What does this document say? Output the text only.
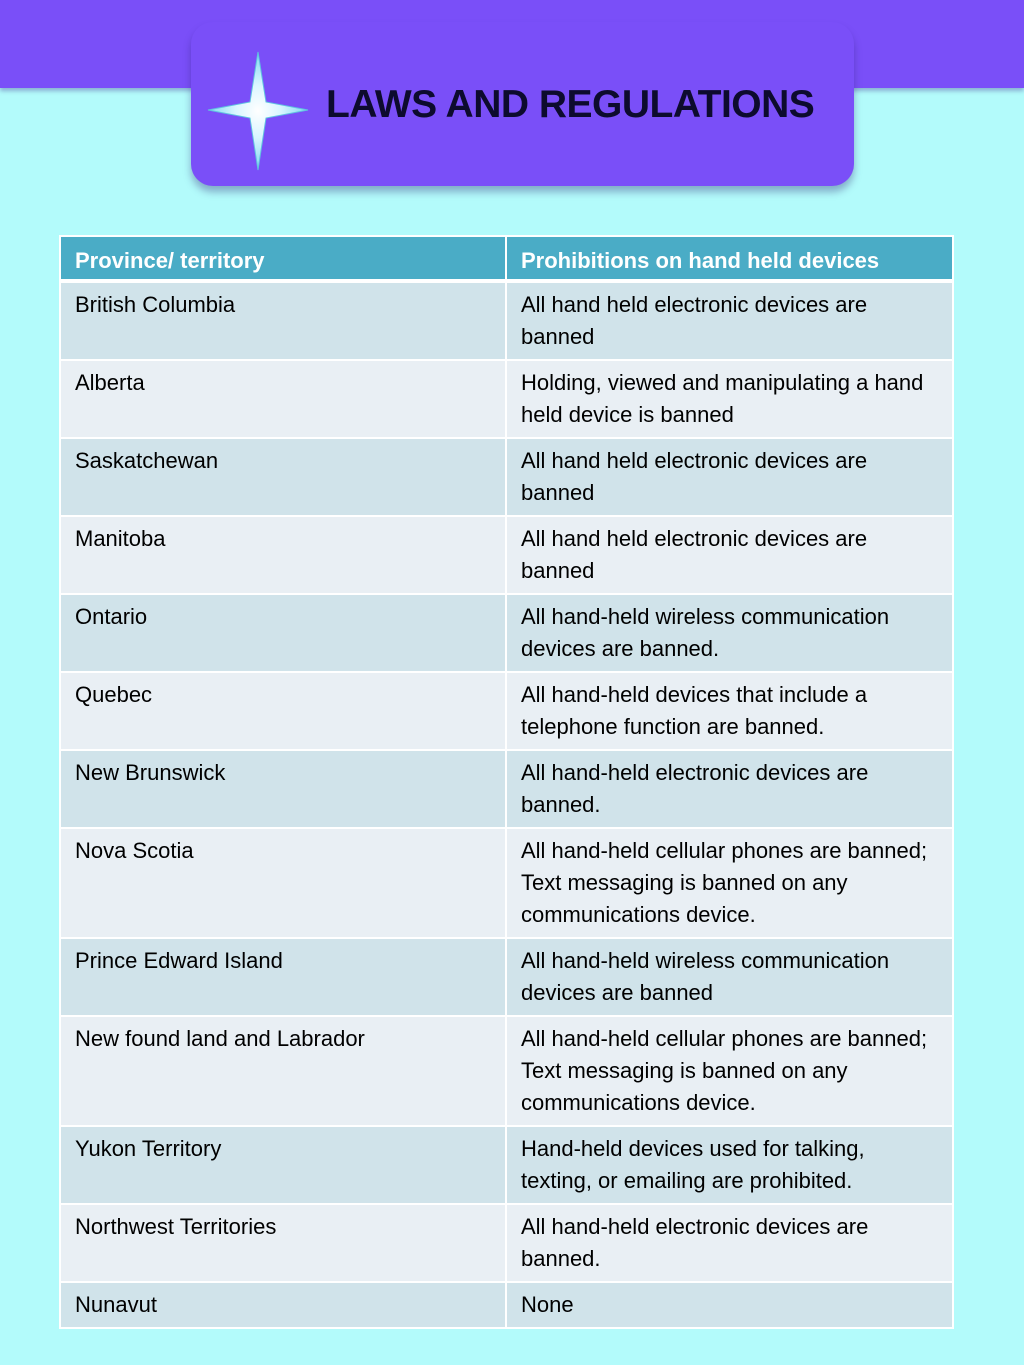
LAWS AND REGULATIONS
Province/ territory	Prohibitions on hand held devices
British Columbia	All hand held electronic devices are banned
Alberta	Holding, viewed and manipulating a hand held device is banned
Saskatchewan	All hand held electronic devices are banned
Manitoba	All hand held electronic devices are banned
Ontario	All hand-held wireless communication devices are banned.
Quebec	All hand-held devices that include a telephone function are banned.
New Brunswick	All hand-held electronic devices are banned.
Nova Scotia	All hand-held cellular phones are banned; Text messaging is banned on any communications device.
Prince Edward Island	All hand-held wireless communication devices are banned
New found land and Labrador	All hand-held cellular phones are banned; Text messaging is banned on any communications device.
Yukon Territory	Hand-held devices used for talking, texting, or emailing are prohibited.
Northwest Territories	All hand-held electronic devices are banned.
Nunavut	None
